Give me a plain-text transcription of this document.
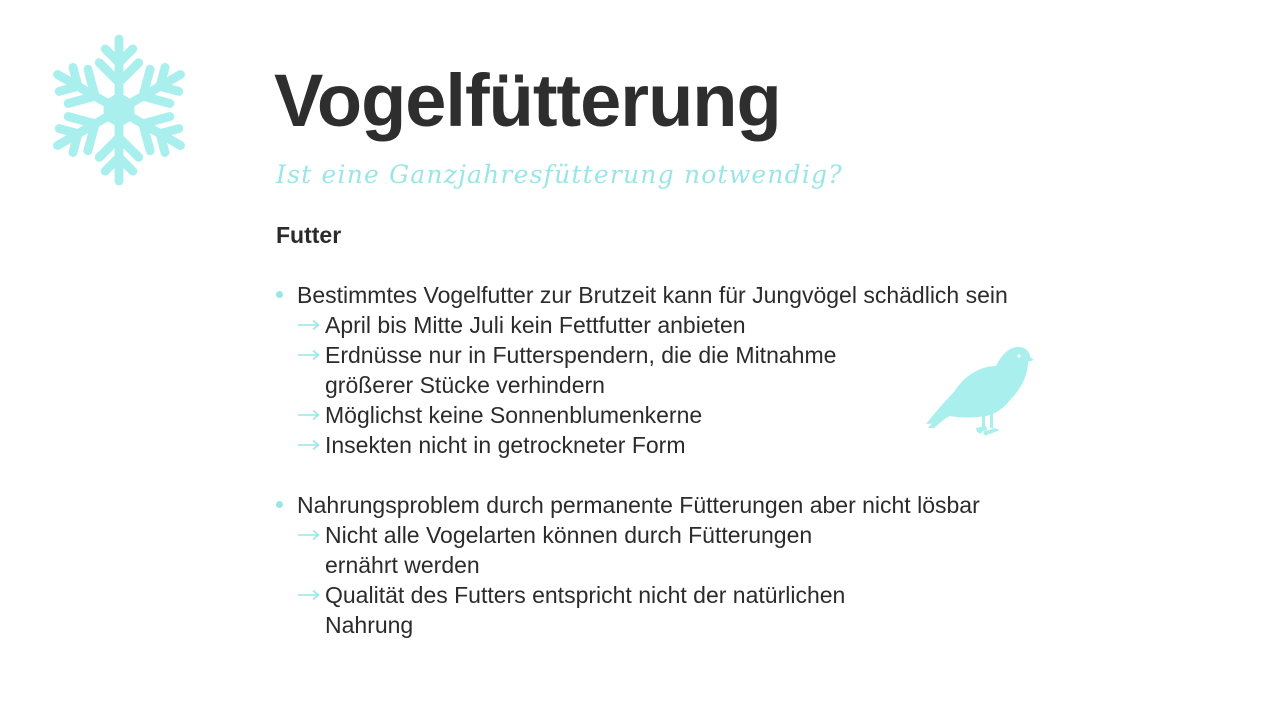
Vogelfütterung
Ist eine Ganzjahresfütterung notwendig?
Futter
Bestimmtes Vogelfutter zur Brutzeit kann für Jungvögel schädlich sein
April bis Mitte Juli kein Fettfutter anbieten
Erdnüsse nur in Futterspendern, die die Mitnahme größerer Stücke verhindern
Möglichst keine Sonnenblumenkerne
Insekten nicht in getrockneter Form
Nahrungsproblem durch permanente Fütterungen aber nicht lösbar
Nicht alle Vogelarten können durch Fütterungen ernährt werden
Qualität des Futters entspricht nicht der natürlichen Nahrung
